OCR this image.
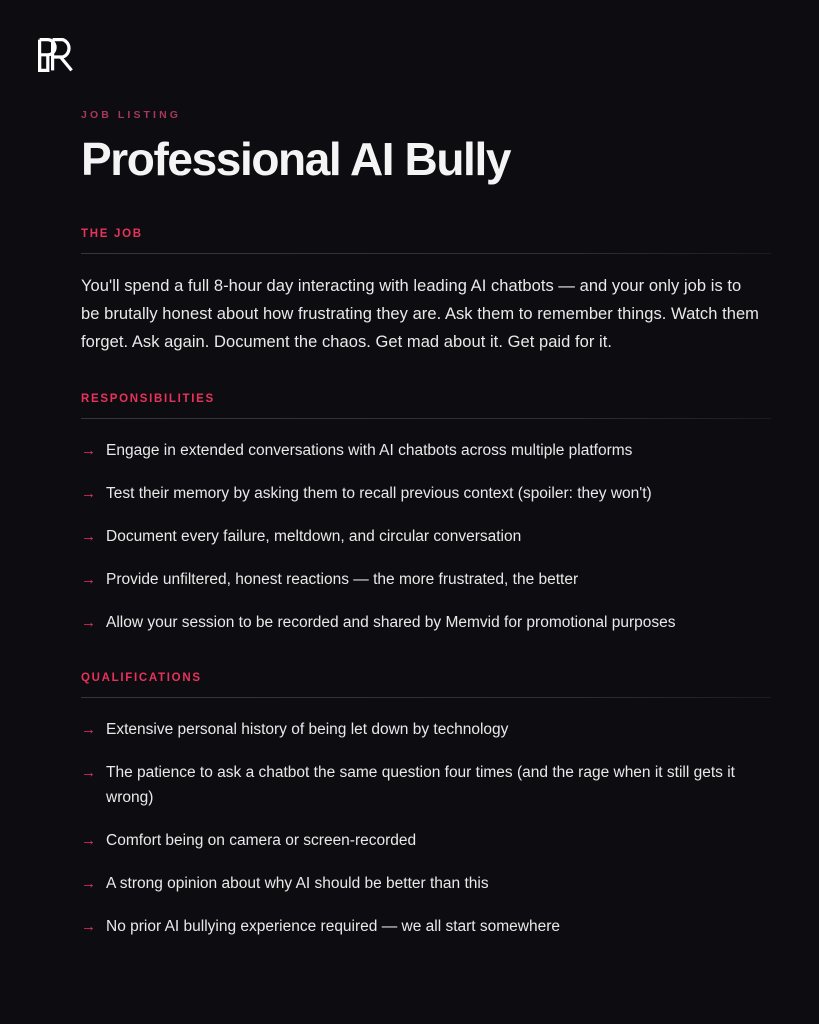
JOB LISTING
Professional AI Bully
THE JOB

You'll spend a full 8-hour day interacting with leading AI chatbots — and your only job is to be brutally honest about how frustrating they are. Ask them to remember things. Watch them forget. Ask again. Document the chaos. Get mad about it. Get paid for it.

RESPONSIBILITIES
→ Engage in extended conversations with AI chatbots across multiple platforms
→ Test their memory by asking them to recall previous context (spoiler: they won't)
→ Document every failure, meltdown, and circular conversation
→ Provide unfiltered, honest reactions — the more frustrated, the better
→ Allow your session to be recorded and shared by Memvid for promotional purposes
QUALIFICATIONS
→ Extensive personal history of being let down by technology
→ The patience to ask a chatbot the same question four times (and the rage when it still gets it wrong)
→ Comfort being on camera or screen-recorded
→ A strong opinion about why AI should be better than this
→ No prior AI bullying experience required — we all start somewhere
